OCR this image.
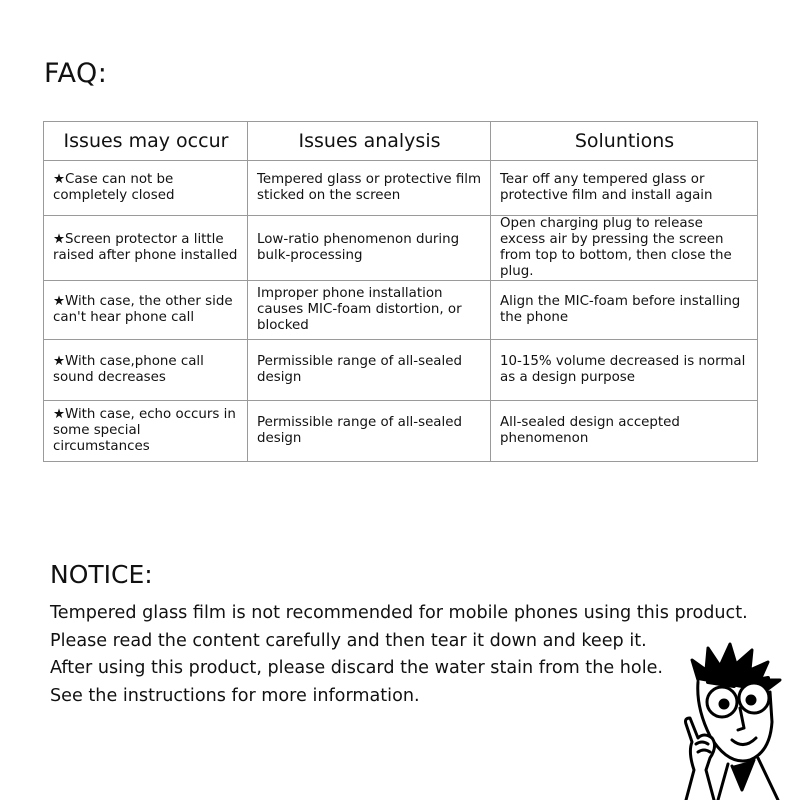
FAQ:
Issues may occur	Issues analysis	Soluntions
★Case can not be completely closed	Tempered glass or protective film sticked on the screen	Tear off any tempered glass or protective film and install again
★Screen protector a little raised after phone installed	Low-ratio phenomenon during bulk-processing	Open charging plug to release excess air by pressing the screen from top to bottom, then close the plug.
★With case, the other side can't hear phone call	Improper phone installation causes MIC-foam distortion, or blocked	Align the MIC-foam before installing the phone
★With case,phone call sound decreases	Permissible range of all-sealed design	10-15% volume decreased is normal as a design purpose
★With case, echo occurs in some special circumstances	Permissible range of all-sealed design	All-sealed design accepted phenomenon
NOTICE:
Tempered glass film is not recommended for mobile phones using this product.
Please read the content carefully and then tear it down and keep it.
After using this product, please discard the water stain from the hole.
See the instructions for more information.
